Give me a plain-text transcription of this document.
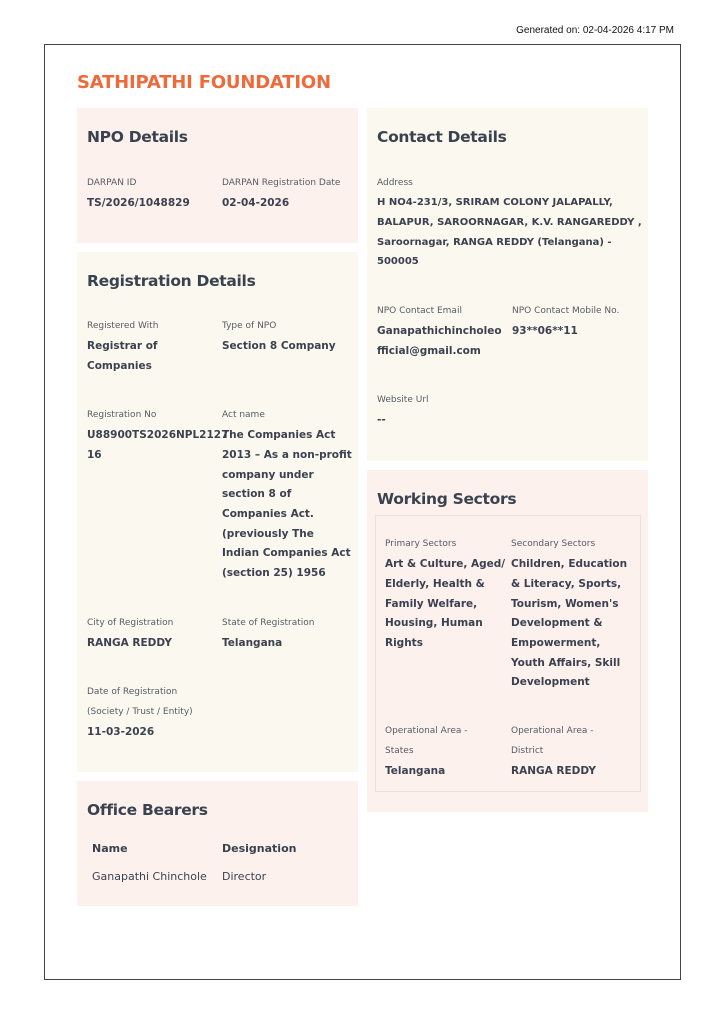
Generated on: 02-04-2026 4:17 PM
SATHIPATHI FOUNDATION
NPO Details
DARPAN ID
TS/2026/1048829
DARPAN Registration Date
02-04-2026
Registration Details
Registered With
Registrar of
Companies
Type of NPO
Section 8 Company
Registration No
U88900TS2026NPL2127
16
Act name
The Companies Act
2013 – As a non-profit
company under
section 8 of
Companies Act.
(previously The
Indian Companies Act
(section 25) 1956
City of Registration
RANGA REDDY
State of Registration
Telangana
Date of Registration
(Society / Trust / Entity)
11-03-2026
Office Bearers
Name	Designation
Ganapathi Chinchole Director
Contact Details
Address
H NO4-231/3, SRIRAM COLONY JALAPALLY,
BALAPUR, SAROORNAGAR, K.V. RANGAREDDY ,
Saroornagar, RANGA REDDY (Telangana) -
500005
NPO Contact Email
Ganapathichincholeo
fficial@gmail.com
NPO Contact Mobile No.
93**06**11
Website Url
--
Working Sectors
Primary Sectors
Art & Culture, Aged/
Elderly, Health &
Family Welfare,
Housing, Human
Rights
Secondary Sectors
Children, Education
& Literacy, Sports,
Tourism, Women's
Development &
Empowerment,
Youth Affairs, Skill
Development
Operational Area -
States
Telangana
Operational Area -
District
RANGA REDDY
